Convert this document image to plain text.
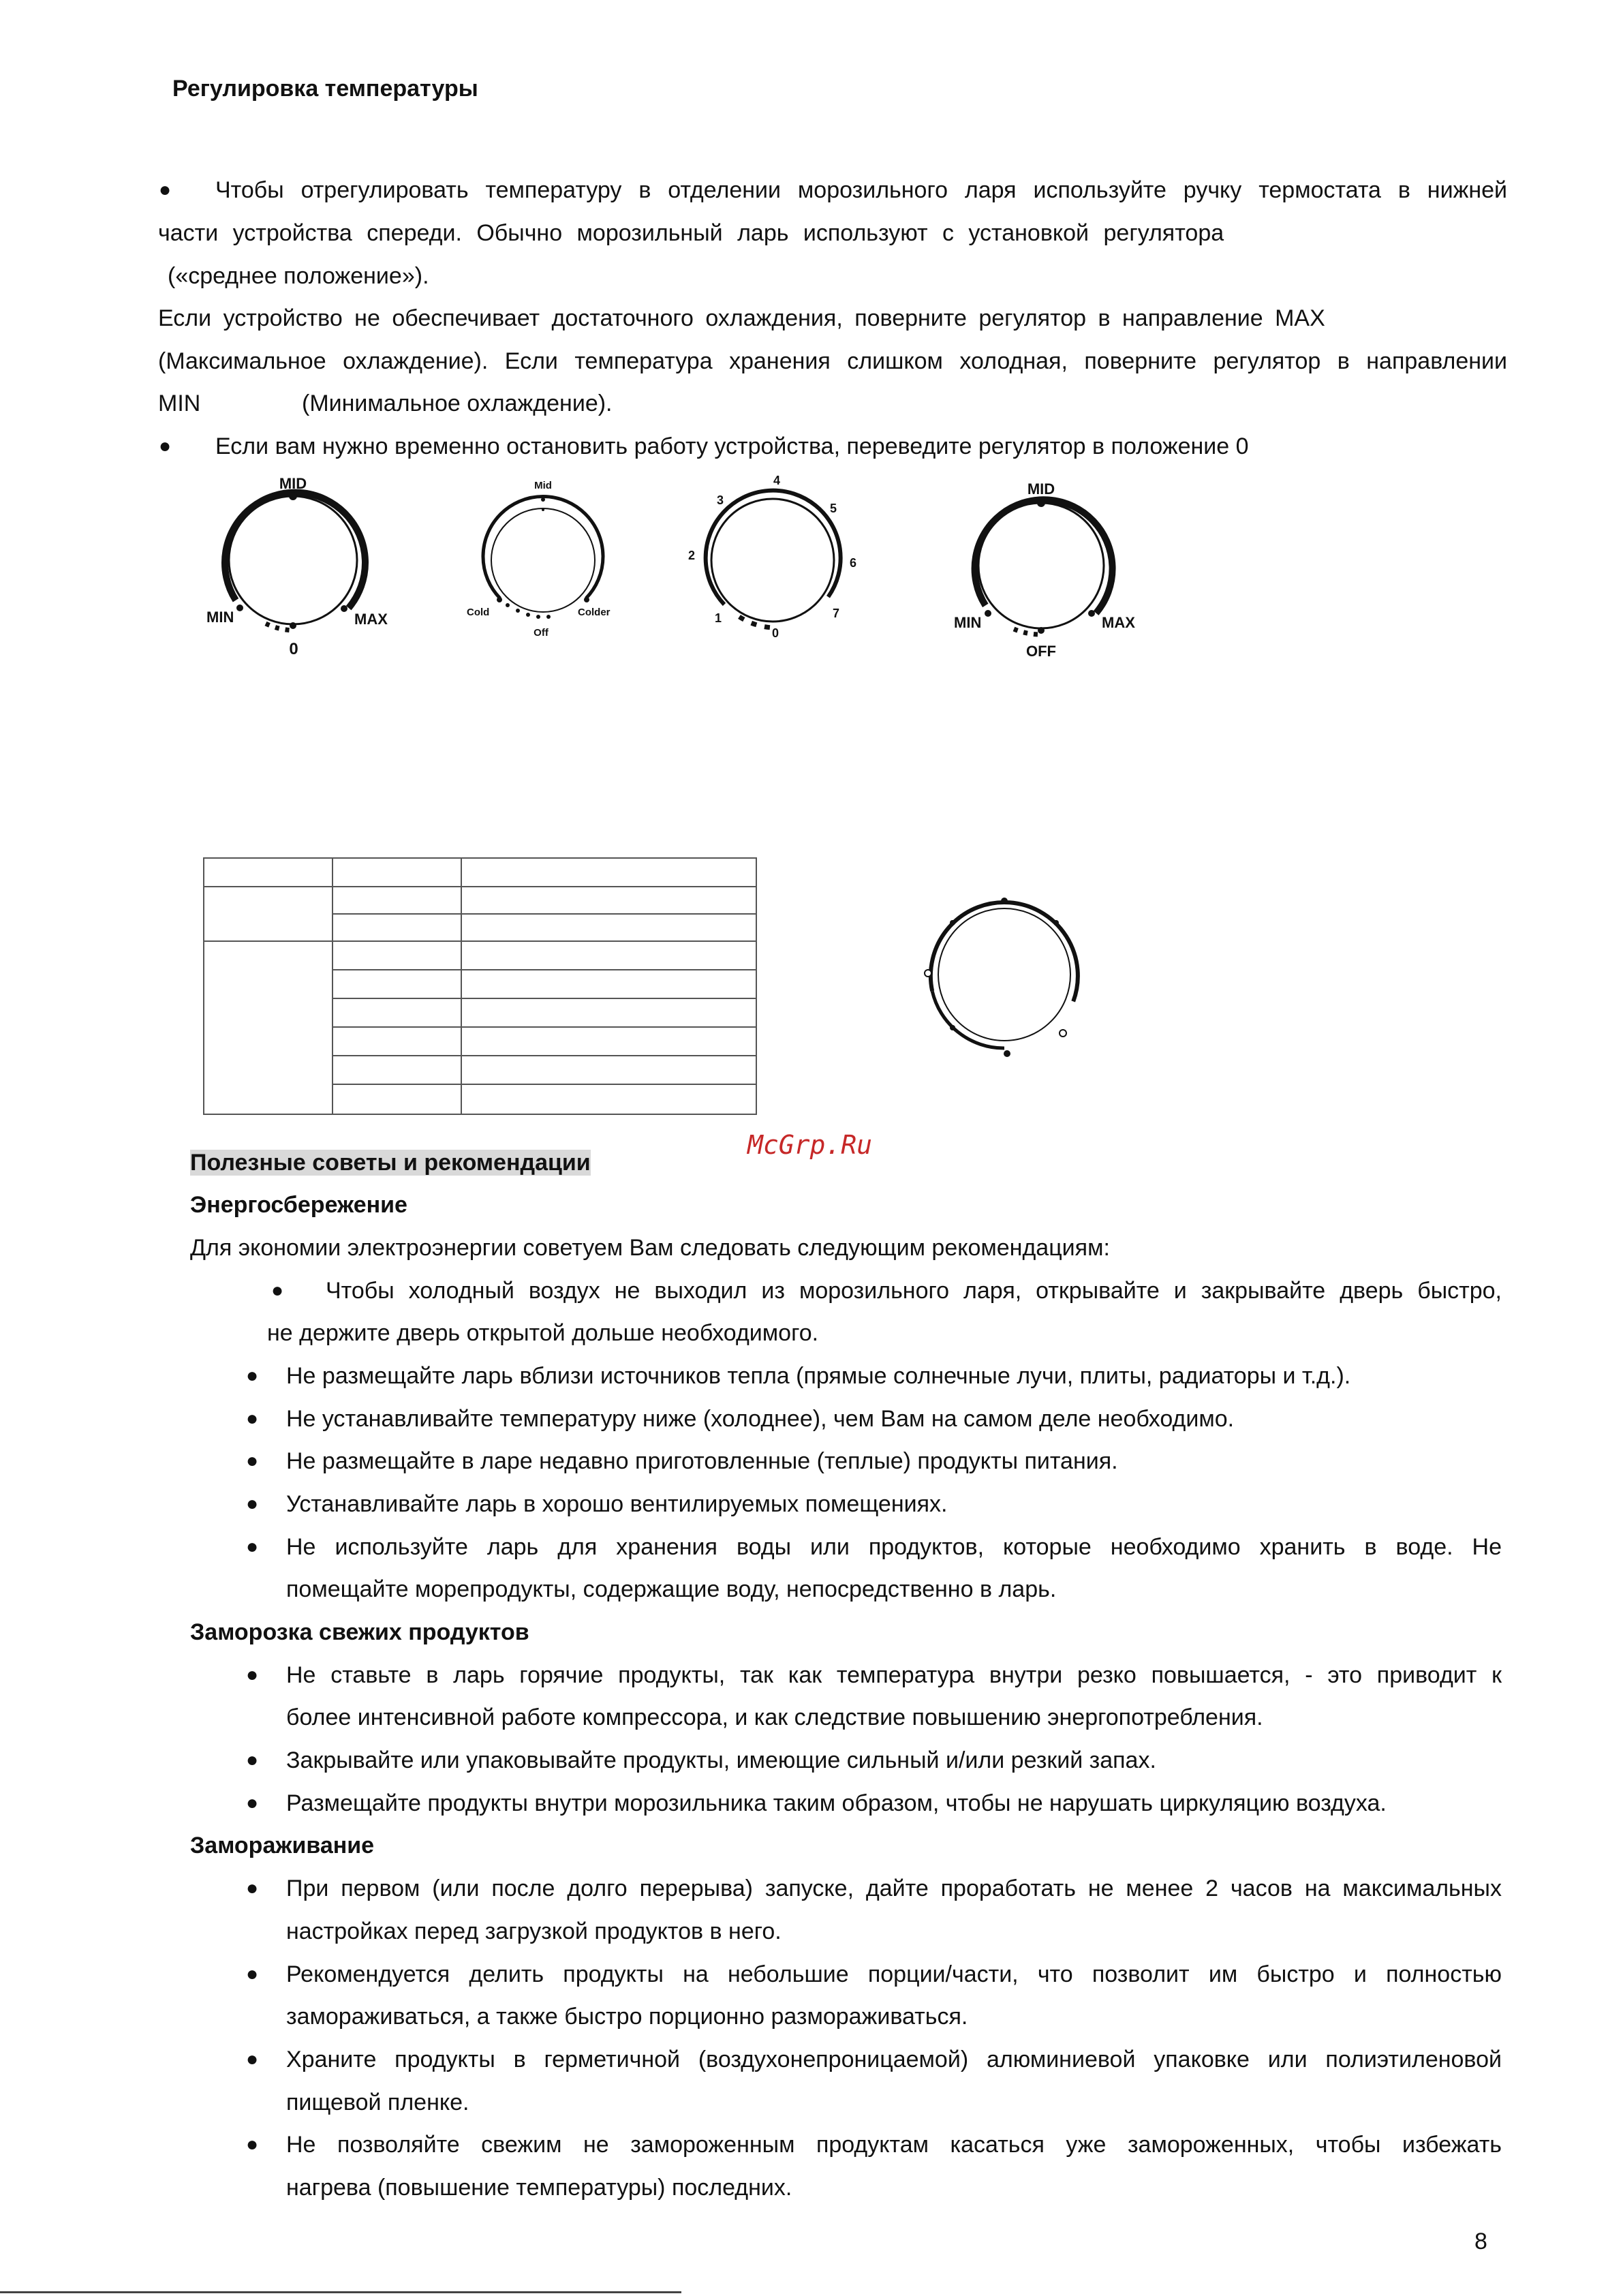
Регулировка температуры
● Чтобы отрегулировать температуру в отделении морозильного ларя используйте ручку термостата в нижней
части устройства спереди. Обычно морозильный ларь используют с установкой регулятора
(«среднее положение»).
Если устройство не обеспечивает достаточного охлаждения, поверните регулятор в направление MAX
(Максимальное охлаждение). Если температура хранения слишком холодная, поверните регулятор в направлении
MIN	(Минимальное охлаждение).
● Если вам нужно временно остановить работу устройства, переведите регулятор в положение 0
MID
MIN	MAX
0
Mid
Cold	Colder
Off	0
1
2
3
4
5
6
7
MID
MIN	MAX
OFF

McGrp.Ru
Полезные советы и рекомендации
Энергосбережение
Для экономии электроэнергии советуем Вам следовать следующим рекомендациям:
● Чтобы холодный воздух не выходил из морозильного ларя, открывайте и закрывайте дверь быстро,
не держите дверь открытой дольше необходимого.
● Не размещайте ларь вблизи источников тепла (прямые солнечные лучи, плиты, радиаторы и т.д.).
● Не устанавливайте температуру ниже (холоднее), чем Вам на самом деле необходимо.
● Не размещайте в ларе недавно приготовленные (теплые) продукты питания.
● Устанавливайте ларь в хорошо вентилируемых помещениях.
● Не используйте ларь для хранения воды или продуктов, которые необходимо хранить в воде. Не
помещайте морепродукты, содержащие воду, непосредственно в ларь.
Заморозка свежих продуктов
● Не ставьте в ларь горячие продукты, так как температура внутри резко повышается, - это приводит к
более интенсивной работе компрессора, и как следствие повышению энергопотребления.
● Закрывайте или упаковывайте продукты, имеющие сильный и/или резкий запах.
● Размещайте продукты внутри морозильника таким образом, чтобы не нарушать циркуляцию воздуха.
Замораживание
● При первом (или после долго перерыва) запуске, дайте проработать не менее 2 часов на максимальных
настройках перед загрузкой продуктов в него.
● Рекомендуется делить продукты на небольшие порции/части, что позволит им быстро и полностью
замораживаться, а также быстро порционно размораживаться.
● Храните продукты в герметичной (воздухонепроницаемой) алюминиевой упаковке или полиэтиленовой
пищевой пленке.
● Не позволяйте свежим не замороженным продуктам касаться уже замороженных, чтобы избежать
нагрева (повышение температуры) последних.
8
